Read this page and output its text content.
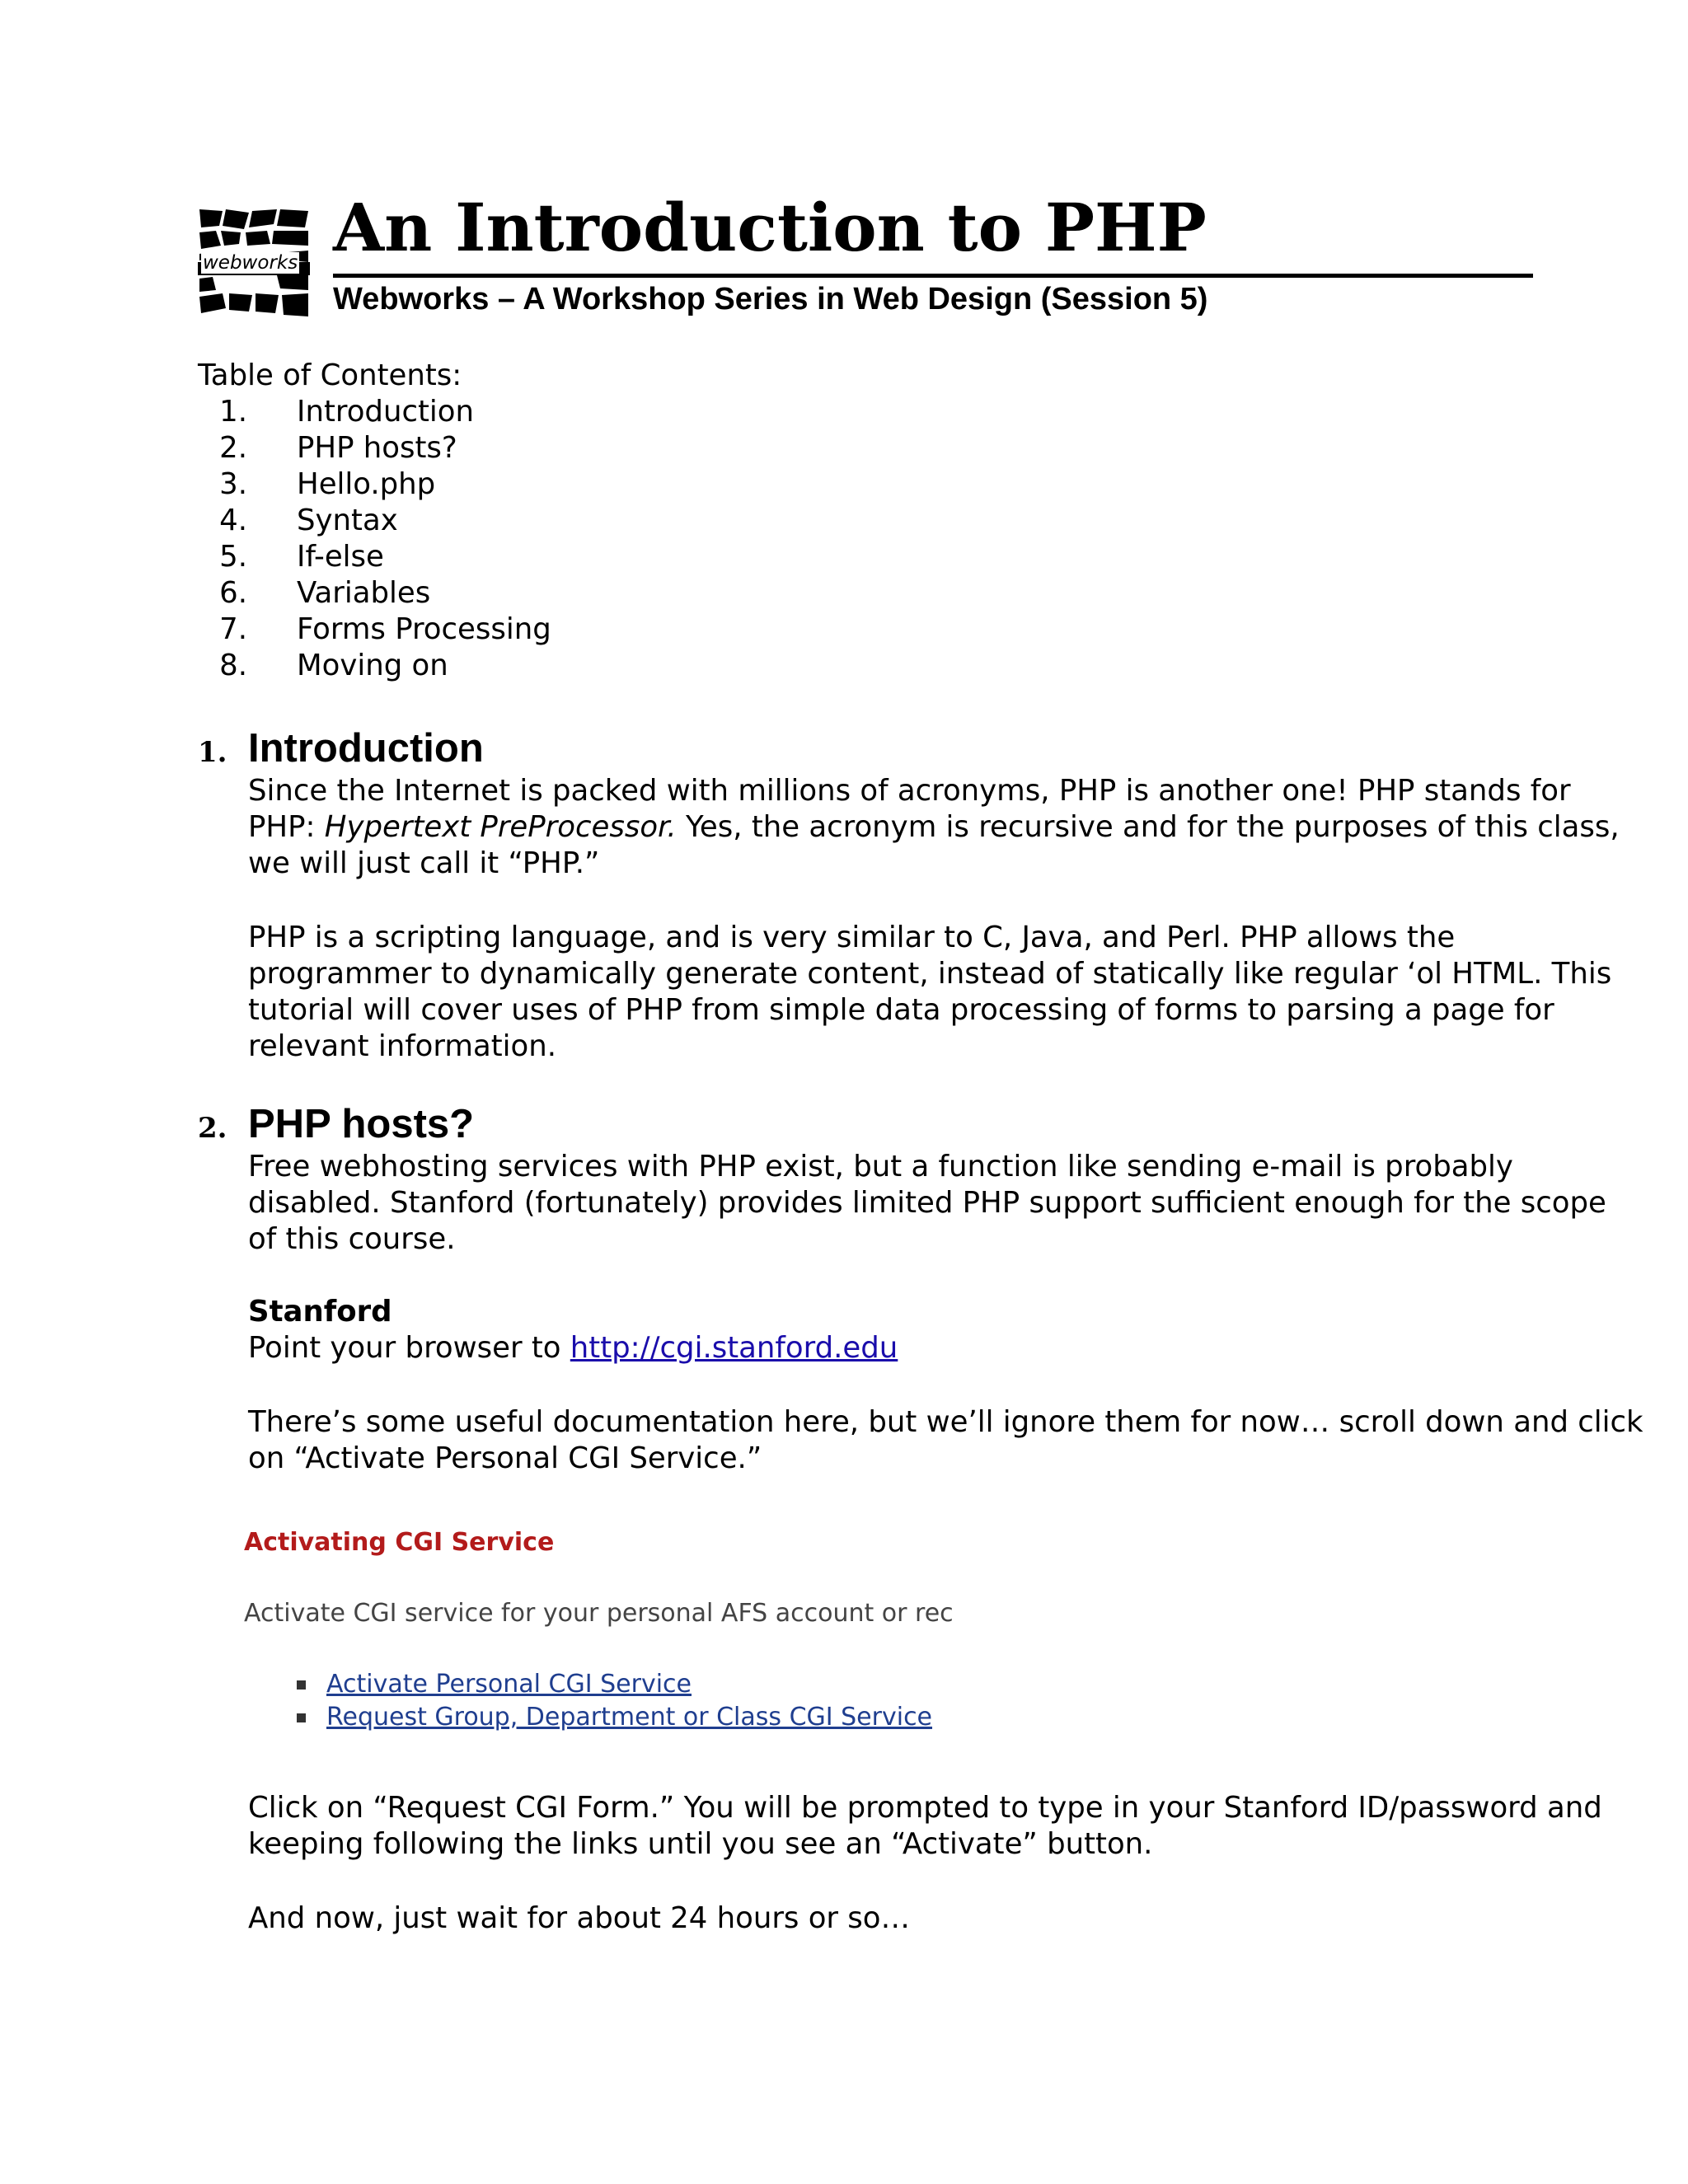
webworks An Introduction to PHP
Webworks – A Workshop Series in Web Design (Session 5)
Table of Contents:
1. Introduction
2. PHP hosts?
3. Hello.php
4. Syntax
5. If-else
6. Variables
7. Forms Processing
8. Moving on
1. Introduction

Since the Internet is packed with millions of acronyms, PHP is another one! PHP stands for

PHP: Hypertext PreProcessor. Yes, the acronym is recursive and for the purposes of this class,

we will just call it “PHP.”

PHP is a scripting language, and is very similar to C, Java, and Perl. PHP allows the

programmer to dynamically generate content, instead of statically like regular ‘ol HTML. This

tutorial will cover uses of PHP from simple data processing of forms to parsing a page for

relevant information.

2. PHP hosts?

Free webhosting services with PHP exist, but a function like sending e-mail is probably

disabled. Stanford (fortunately) provides limited PHP support sufficient enough for the scope

of this course.

Stanford

Point your browser to http://cgi.stanford.edu

There’s some useful documentation here, but we’ll ignore them for now… scroll down and click

on “Activate Personal CGI Service.”

Activating CGI Service
Activate CGI service for your personal AFS account or rec
Activate Personal CGI Service
Request Group, Department or Class CGI Service

Click on “Request CGI Form.” You will be prompted to type in your Stanford ID/password and

keeping following the links until you see an “Activate” button.

And now, just wait for about 24 hours or so…
